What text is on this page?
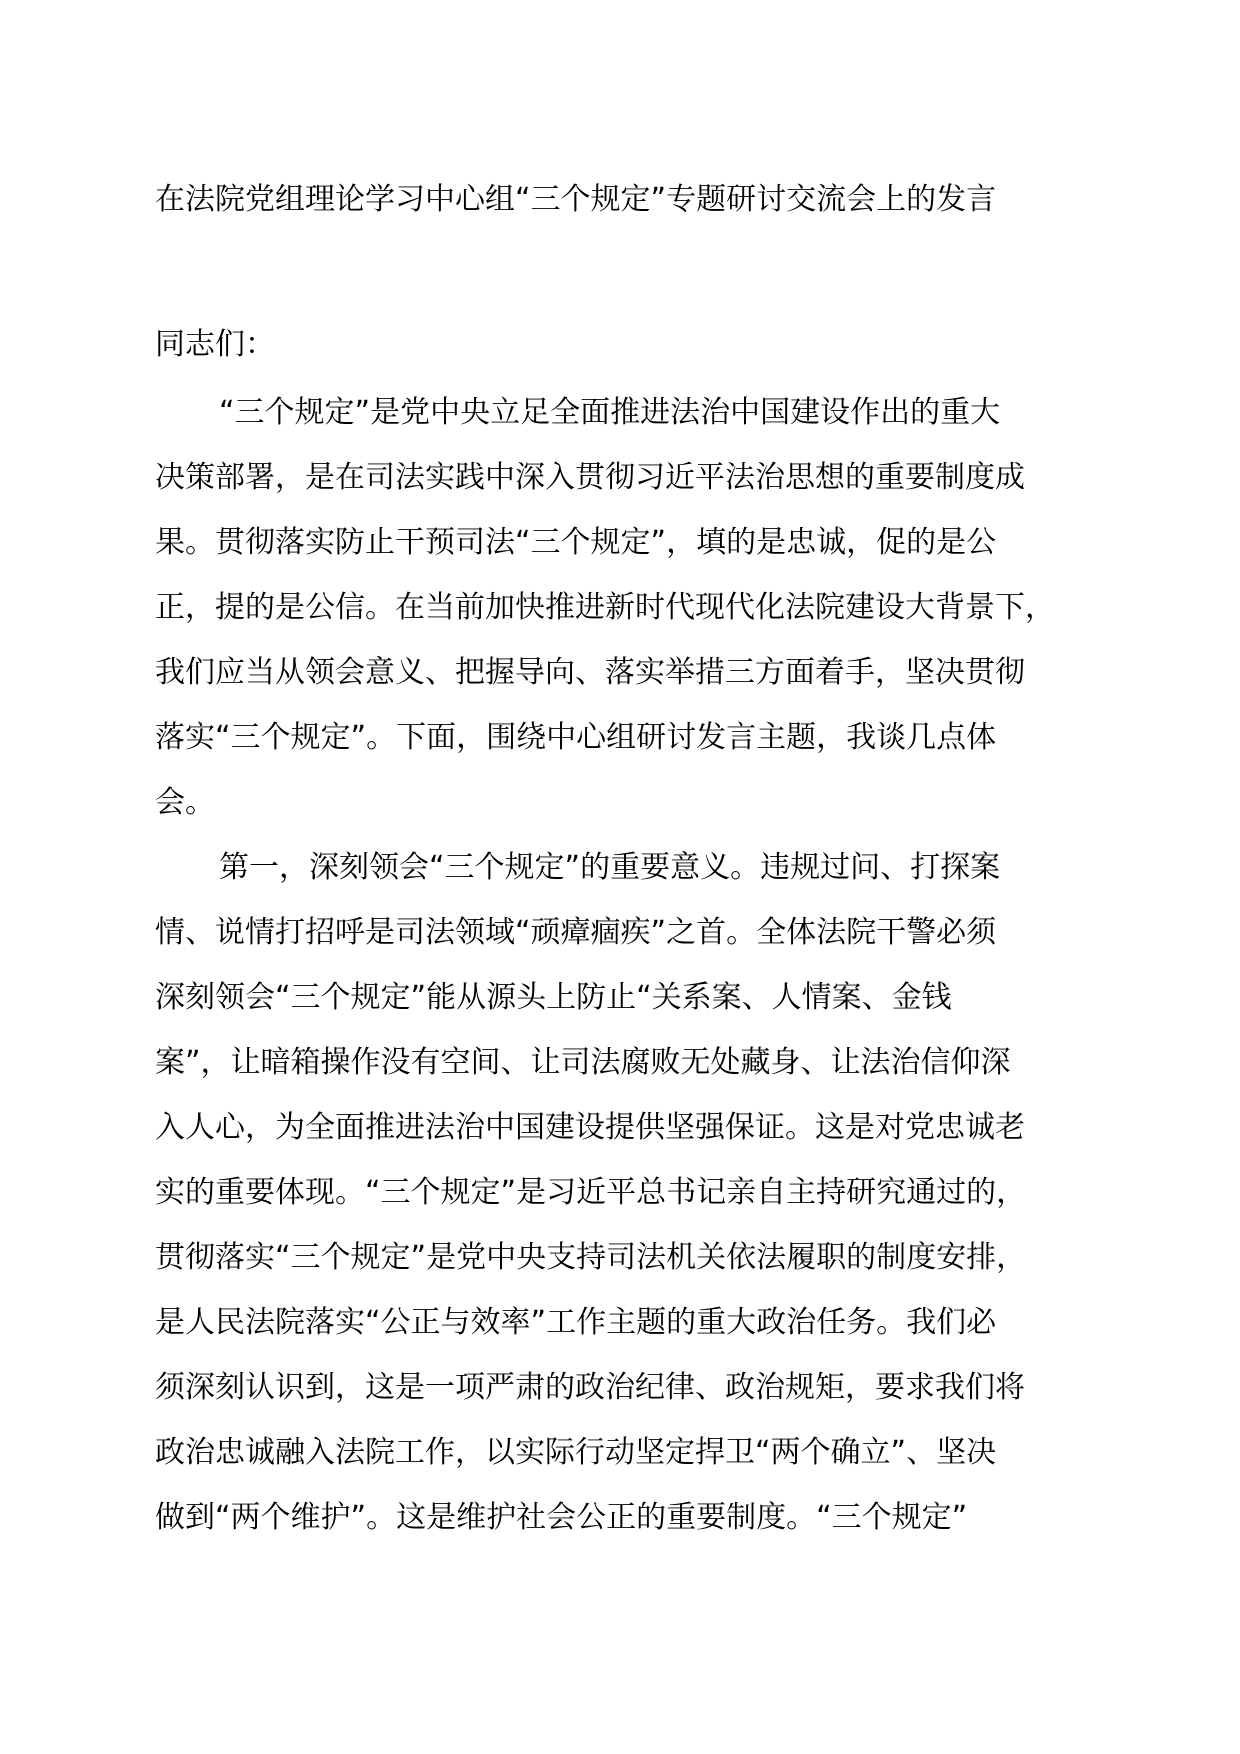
在法院党组理论学习中心组“三个规定”专题研讨交流会上的发言
同志们：
“三个规定”是党中央立足全面推进法治中国建设作出的重大
决策部署，是在司法实践中深入贯彻习近平法治思想的重要制度成
果。贯彻落实防止干预司法“三个规定”，填的是忠诚，促的是公
正，提的是公信。在当前加快推进新时代现代化法院建设大背景下，
我们应当从领会意义、把握导向、落实举措三方面着手，坚决贯彻
落实“三个规定”。下面，围绕中心组研讨发言主题，我谈几点体
会。
第一，深刻领会“三个规定”的重要意义。违规过问、打探案
情、说情打招呼是司法领域“顽瘴痼疾”之首。全体法院干警必须
深刻领会“三个规定”能从源头上防止“关系案、人情案、金钱
案”，让暗箱操作没有空间、让司法腐败无处藏身、让法治信仰深
入人心，为全面推进法治中国建设提供坚强保证。这是对党忠诚老
实的重要体现。“三个规定”是习近平总书记亲自主持研究通过的，
贯彻落实“三个规定”是党中央支持司法机关依法履职的制度安排，
是人民法院落实“公正与效率”工作主题的重大政治任务。我们必
须深刻认识到，这是一项严肃的政治纪律、政治规矩，要求我们将
政治忠诚融入法院工作，以实际行动坚定捍卫“两个确立”、坚决
做到“两个维护”。这是维护社会公正的重要制度。“三个规定”
